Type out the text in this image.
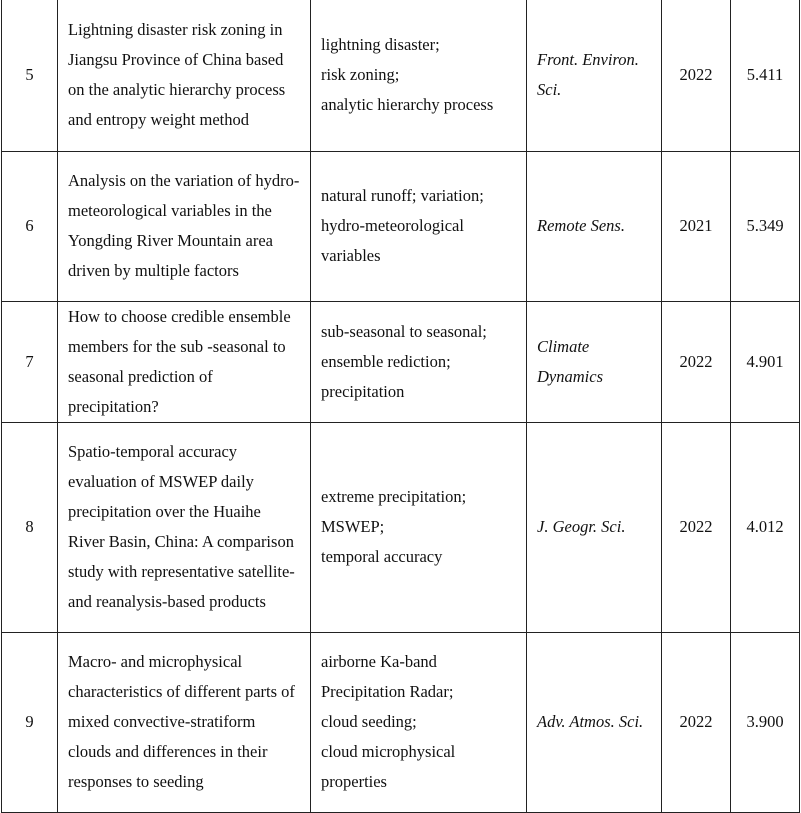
5	Lightning disaster risk zoning in Jiangsu Province of China based on the analytic hierarchy process and entropy weight method	lightning disaster;
risk zoning;
analytic hierarchy process	Front. Environ. Sci.	2022	5.411
6	Analysis on the variation of hydro-meteorological variables in the Yongding River Mountain area driven by multiple factors	natural runoff; variation;
hydro-meteorological variables	Remote Sens.	2021	5.349
7	How to choose credible ensemble members for the sub -seasonal to seasonal prediction of precipitation?	sub-seasonal to seasonal;
ensemble rediction;
precipitation	Climate Dynamics	2022	4.901
8	Spatio-temporal accuracy evaluation of MSWEP daily precipitation over the Huaihe River Basin, China: A comparison study with representative satellite- and reanalysis-based products	extreme precipitation;
MSWEP;
temporal accuracy	J. Geogr. Sci.	2022	4.012
9	Macro- and microphysical characteristics of different parts of mixed convective-stratiform clouds and differences in their responses to seeding	airborne Ka-band Precipitation Radar;
cloud seeding;
cloud microphysical properties	Adv. Atmos. Sci.	2022	3.900
